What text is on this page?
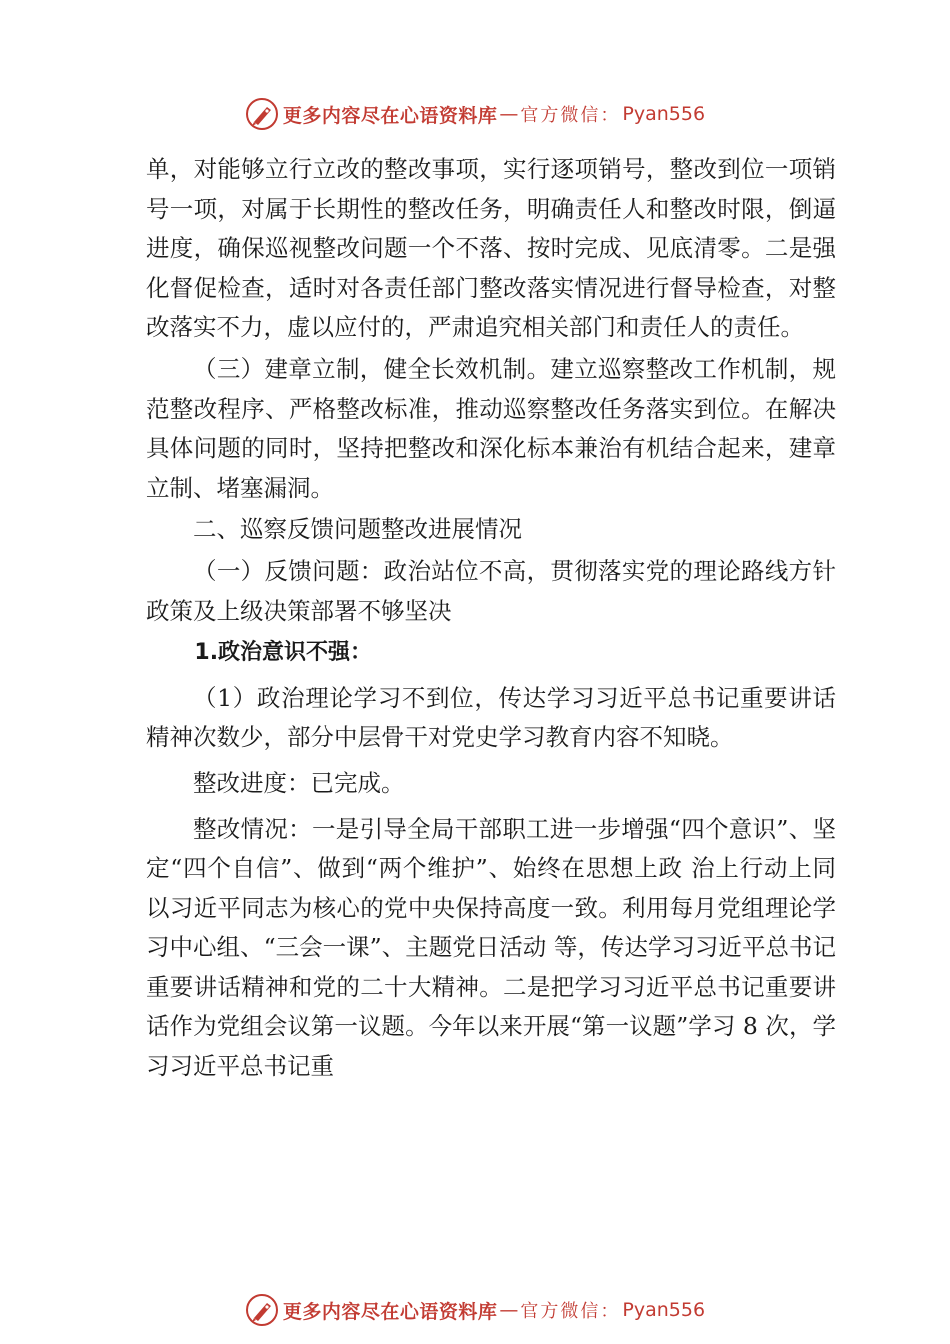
更多内容尽在心语资料库 — 官方微信： Pyan556

单，对能够立行立改的整改事项，实行逐项销号，整改到位一项销号一项，对属于长期性的整改任务，明确责任人和整改时限，倒逼进度，确保巡视整改问题一个不落、按时完成、见底清零。二是强化督促检查，适时对各责任部门整改落实情况进行督导检查，对整改落实不力，虚以应付的，严肃追究相关部门和责任人的责任。

（三）建章立制，健全长效机制。建立巡察整改工作机制，规范整改程序、严格整改标准，推动巡察整改任务落实到位。在解决具体问题的同时，坚持把整改和深化标本兼治有机结合起来，建章立制、堵塞漏洞。

二、巡察反馈问题整改进展情况

（一）反馈问题：政治站位不高，贯彻落实党的理论路线方针政策及上级决策部署不够坚决

1.政治意识不强：

（1）政治理论学习不到位，传达学习习近平总书记重要讲话精神次数少，部分中层骨干对党史学习教育内容不知晓。

整改进度：已完成。

整改情况：一是引导全局干部职工进一步增强“四个意识”、坚定“四个自信”、做到“两个维护”、始终在思想上政 治上行动上同以习近平同志为核心的党中央保持高度一致。利用每月党组理论学习中心组、“三会一课”、主题党日活动 等，传达学习习近平总书记重要讲话精神和党的二十大精神。二是把学习习近平总书记重要讲话作为党组会议第一议题。今年以来开展“第一议题”学习 8 次，学习习近平总书记重

更多内容尽在心语资料库 — 官方微信： Pyan556
